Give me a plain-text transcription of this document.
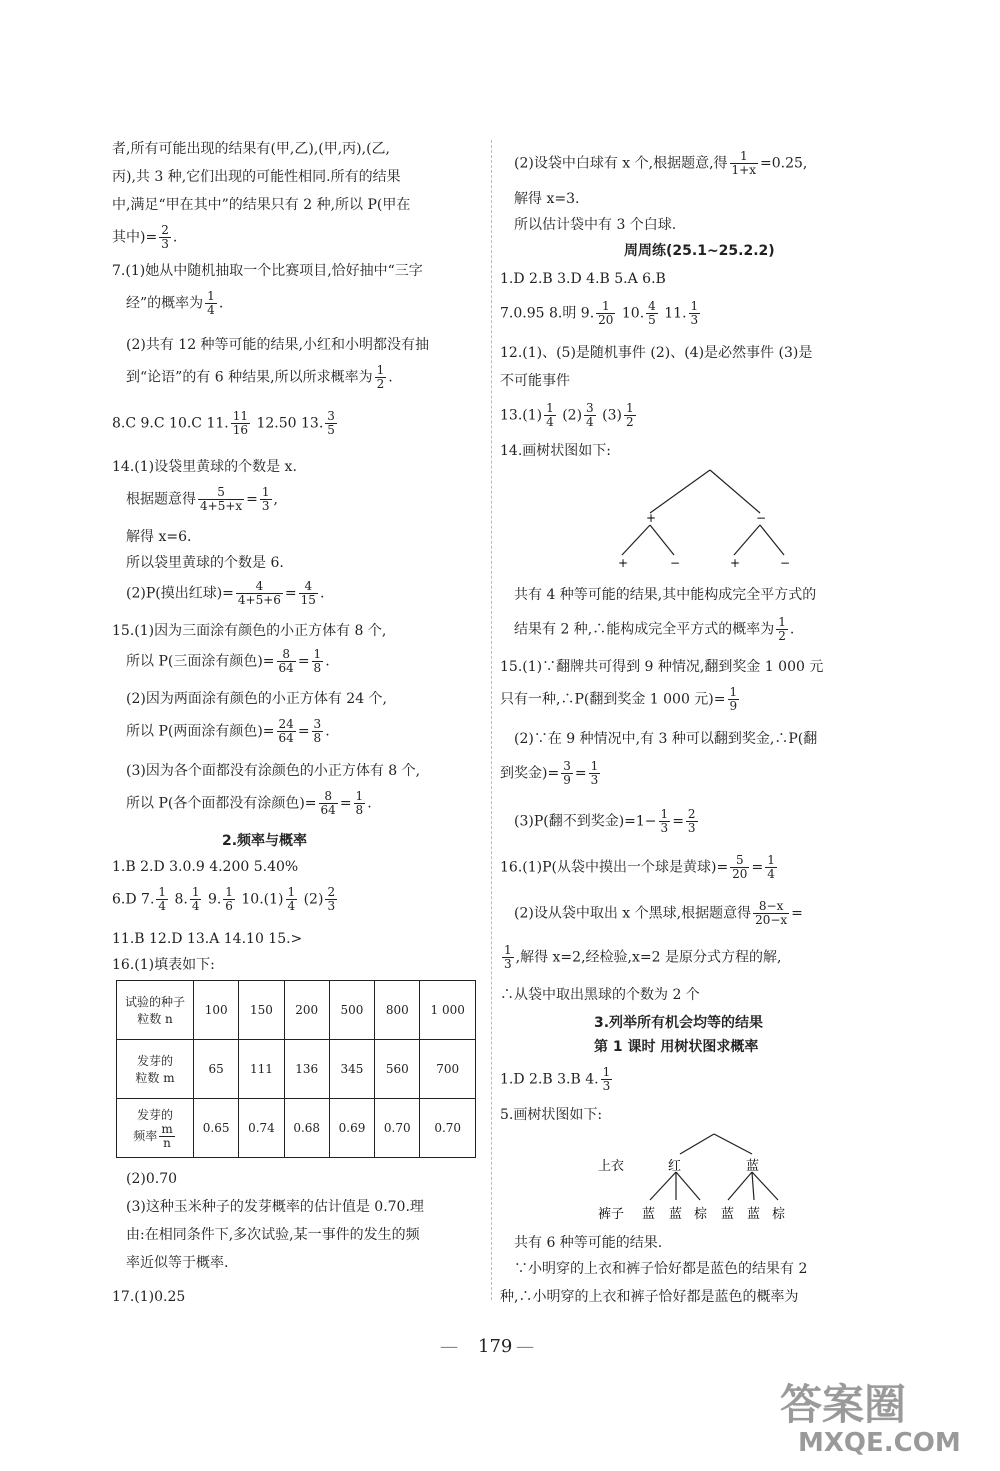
者,所有可能出现的结果有(甲,乙),(甲,丙),(乙,
丙),共 3 种,它们出现的可能性相同.所有的结果
中,满足“甲在其中”的结果只有 2 种,所以 P(甲在
其中)= $\frac{2}{3}$ .
7.(1)她从中随机抽取一个比赛项目,恰好抽中“三字
经”的概率为 $\frac{1}{4}$ .
(2)共有 12 种等可能的结果,小红和小明都没有抽
到“论语”的有 6 种结果,所以所求概率为 $\frac{1}{2}$ .
8.C 9.C 10.C 11. $\frac{11}{16} 12.50$ 13. $\frac{3}{5}$
14.(1)设袋里黄球的个数是 x.
根据题意得 $\frac{5}{4+5+x} = \frac{1}{3}$ ,
解得 x=6.
所以袋里黄球的个数是 6.
(2)P(摸出红球)= $\frac{4}{4+5+6} = \frac{4}{15}$ .
15.(1)因为三面涂有颜色的小正方体有 8 个,
所以 P(三面涂有颜色)= $\frac{8}{64} = \frac{1}{8}$ .
(2)因为两面涂有颜色的小正方体有 24 个,
所以 P(两面涂有颜色)= $\frac{24}{64} = \frac{3}{8}$ .
(3)因为各个面都没有涂颜色的小正方体有 8 个,
所以 P(各个面都没有涂颜色)= $\frac{8}{64} = \frac{1}{8}$ .
2.频率与概率
1.B 2.D 3.0.9 4.200 5.40%
6.D 7. $\frac{1}{4} 8$. $\frac{1}{4} 9$. $\frac{1}{6} 10.(1) \frac{1}{4} (2) \frac{2}{3}$
11.B 12.D 13.A 14.10 15.>
16.(1)填表如下:
试验的种子
粒数 n	100	150	200	500	800	1 000
发芽的
粒数 m	65	111	136	345	560	700
发芽的
频率 $\frac{m}{n}$	0.65	0.74	0.68	0.69	0.70	0.70
(2)0.70
(3)这种玉米种子的发芽概率的估计值是 0.70.理
由:在相同条件下,多次试验,某一事件的发生的频
率近似等于概率.
17.(1)0.25
(2)设袋中白球有 x 个,根据题意,得 $\frac{1}{1+x} =0.25$,
解得 x=3.
所以估计袋中有 3 个白球.
周周练(25.1~25.2.2)
1.D 2.B 3.D 4.B 5.A 6.B
7.0.95 8.明 9. $\frac{1}{20} 10$. $\frac{4}{5} 11$. $\frac{1}{3}$
12.(1)、(5)是随机事件 (2)、(4)是必然事件 (3)是
不可能事件
$13.(1) \frac{1}{4} (2) \frac{3}{4} (3) \frac{1}{2}$
14.画树状图如下:
+	−
+	−	+	−
共有 4 种等可能的结果,其中能构成完全平方式的
结果有 2 种,∴能构成完全平方式的概率为 $\frac{1}{2}$ .
15.(1)∵翻牌共可得到 9 种情况,翻到奖金 1 000 元
只有一种,∴P(翻到奖金 1 000 元)= $\frac{1}{9}$
(2)∵在 9 种情况中,有 3 种可以翻到奖金,∴P(翻
到奖金)= $\frac{3}{9} = \frac{1}{3}$
(3)P(翻不到奖金)$=1- \frac{1}{3} = \frac{2}{3}$
16.(1)P(从袋中摸出一个球是黄球)= $\frac{5}{20} = \frac{1}{4}$
(2)设从袋中取出 x 个黑球,根据题意得 $\frac{8-x}{20-x}$ =
$\frac{1}{3}$ ,解得 x=2,经检验,x=2 是原分式方程的解,
∴从袋中取出黑球的个数为 2 个
3.列举所有机会均等的结果
第 1 课时 用树状图求概率
1.D 2.B 3.B 4. $\frac{1}{3}$
5.画树状图如下:
上衣	红	蓝
裤子 蓝 蓝 棕 蓝 蓝 棕
共有 6 种等可能的结果.
∵小明穿的上衣和裤子恰好都是蓝色的结果有 2
种,∴小明穿的上衣和裤子恰好都是蓝色的概率为
179
—	—
答案圈
MXQE.COM
